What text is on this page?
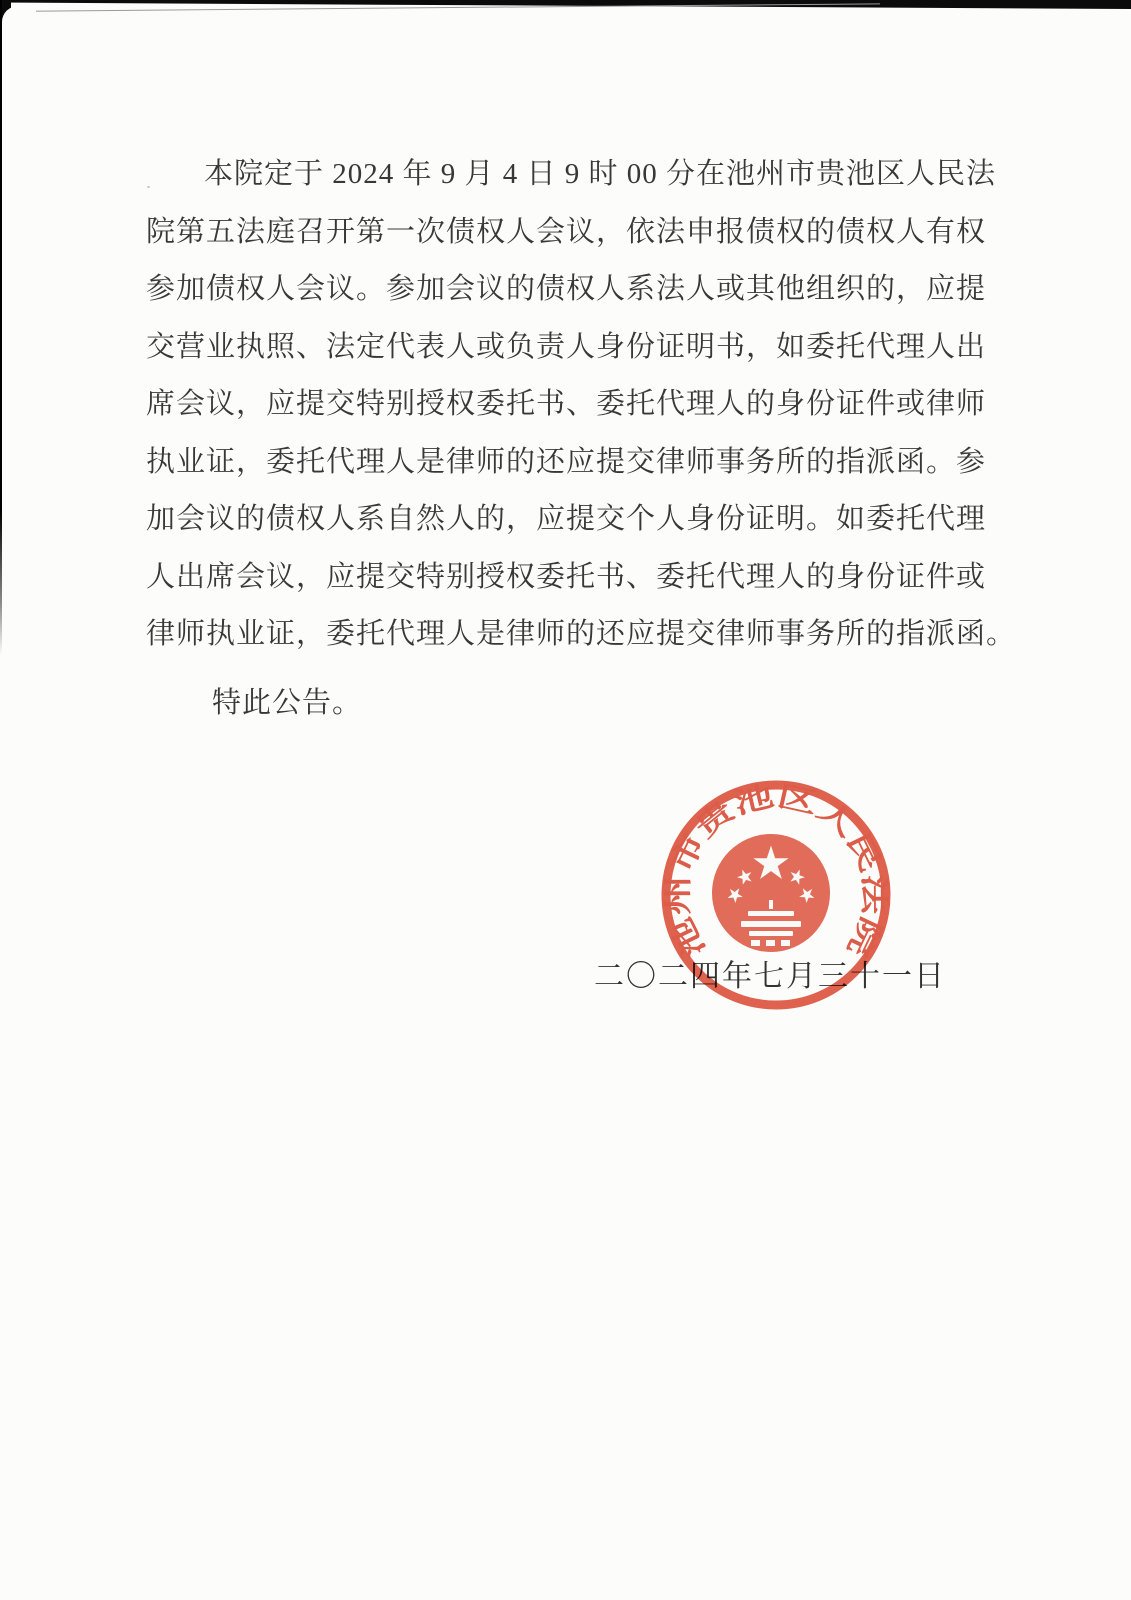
本院定于 2024 年 9 月 4 日 9 时 00 分在池州市贵池区人民法
院第五法庭召开第一次债权人会议，依法申报债权的债权人有权
参加债权人会议。参加会议的债权人系法人或其他组织的，应提
交营业执照、法定代表人或负责人身份证明书，如委托代理人出
席会议，应提交特别授权委托书、委托代理人的身份证件或律师
执业证，委托代理人是律师的还应提交律师事务所的指派函。参
加会议的债权人系自然人的，应提交个人身份证明。如委托代理
人出席会议，应提交特别授权委托书、委托代理人的身份证件或
律师执业证，委托代理人是律师的还应提交律师事务所的指派函。
特此公告。
二〇二四年七月三十一日
池州市贵池区人民法院
